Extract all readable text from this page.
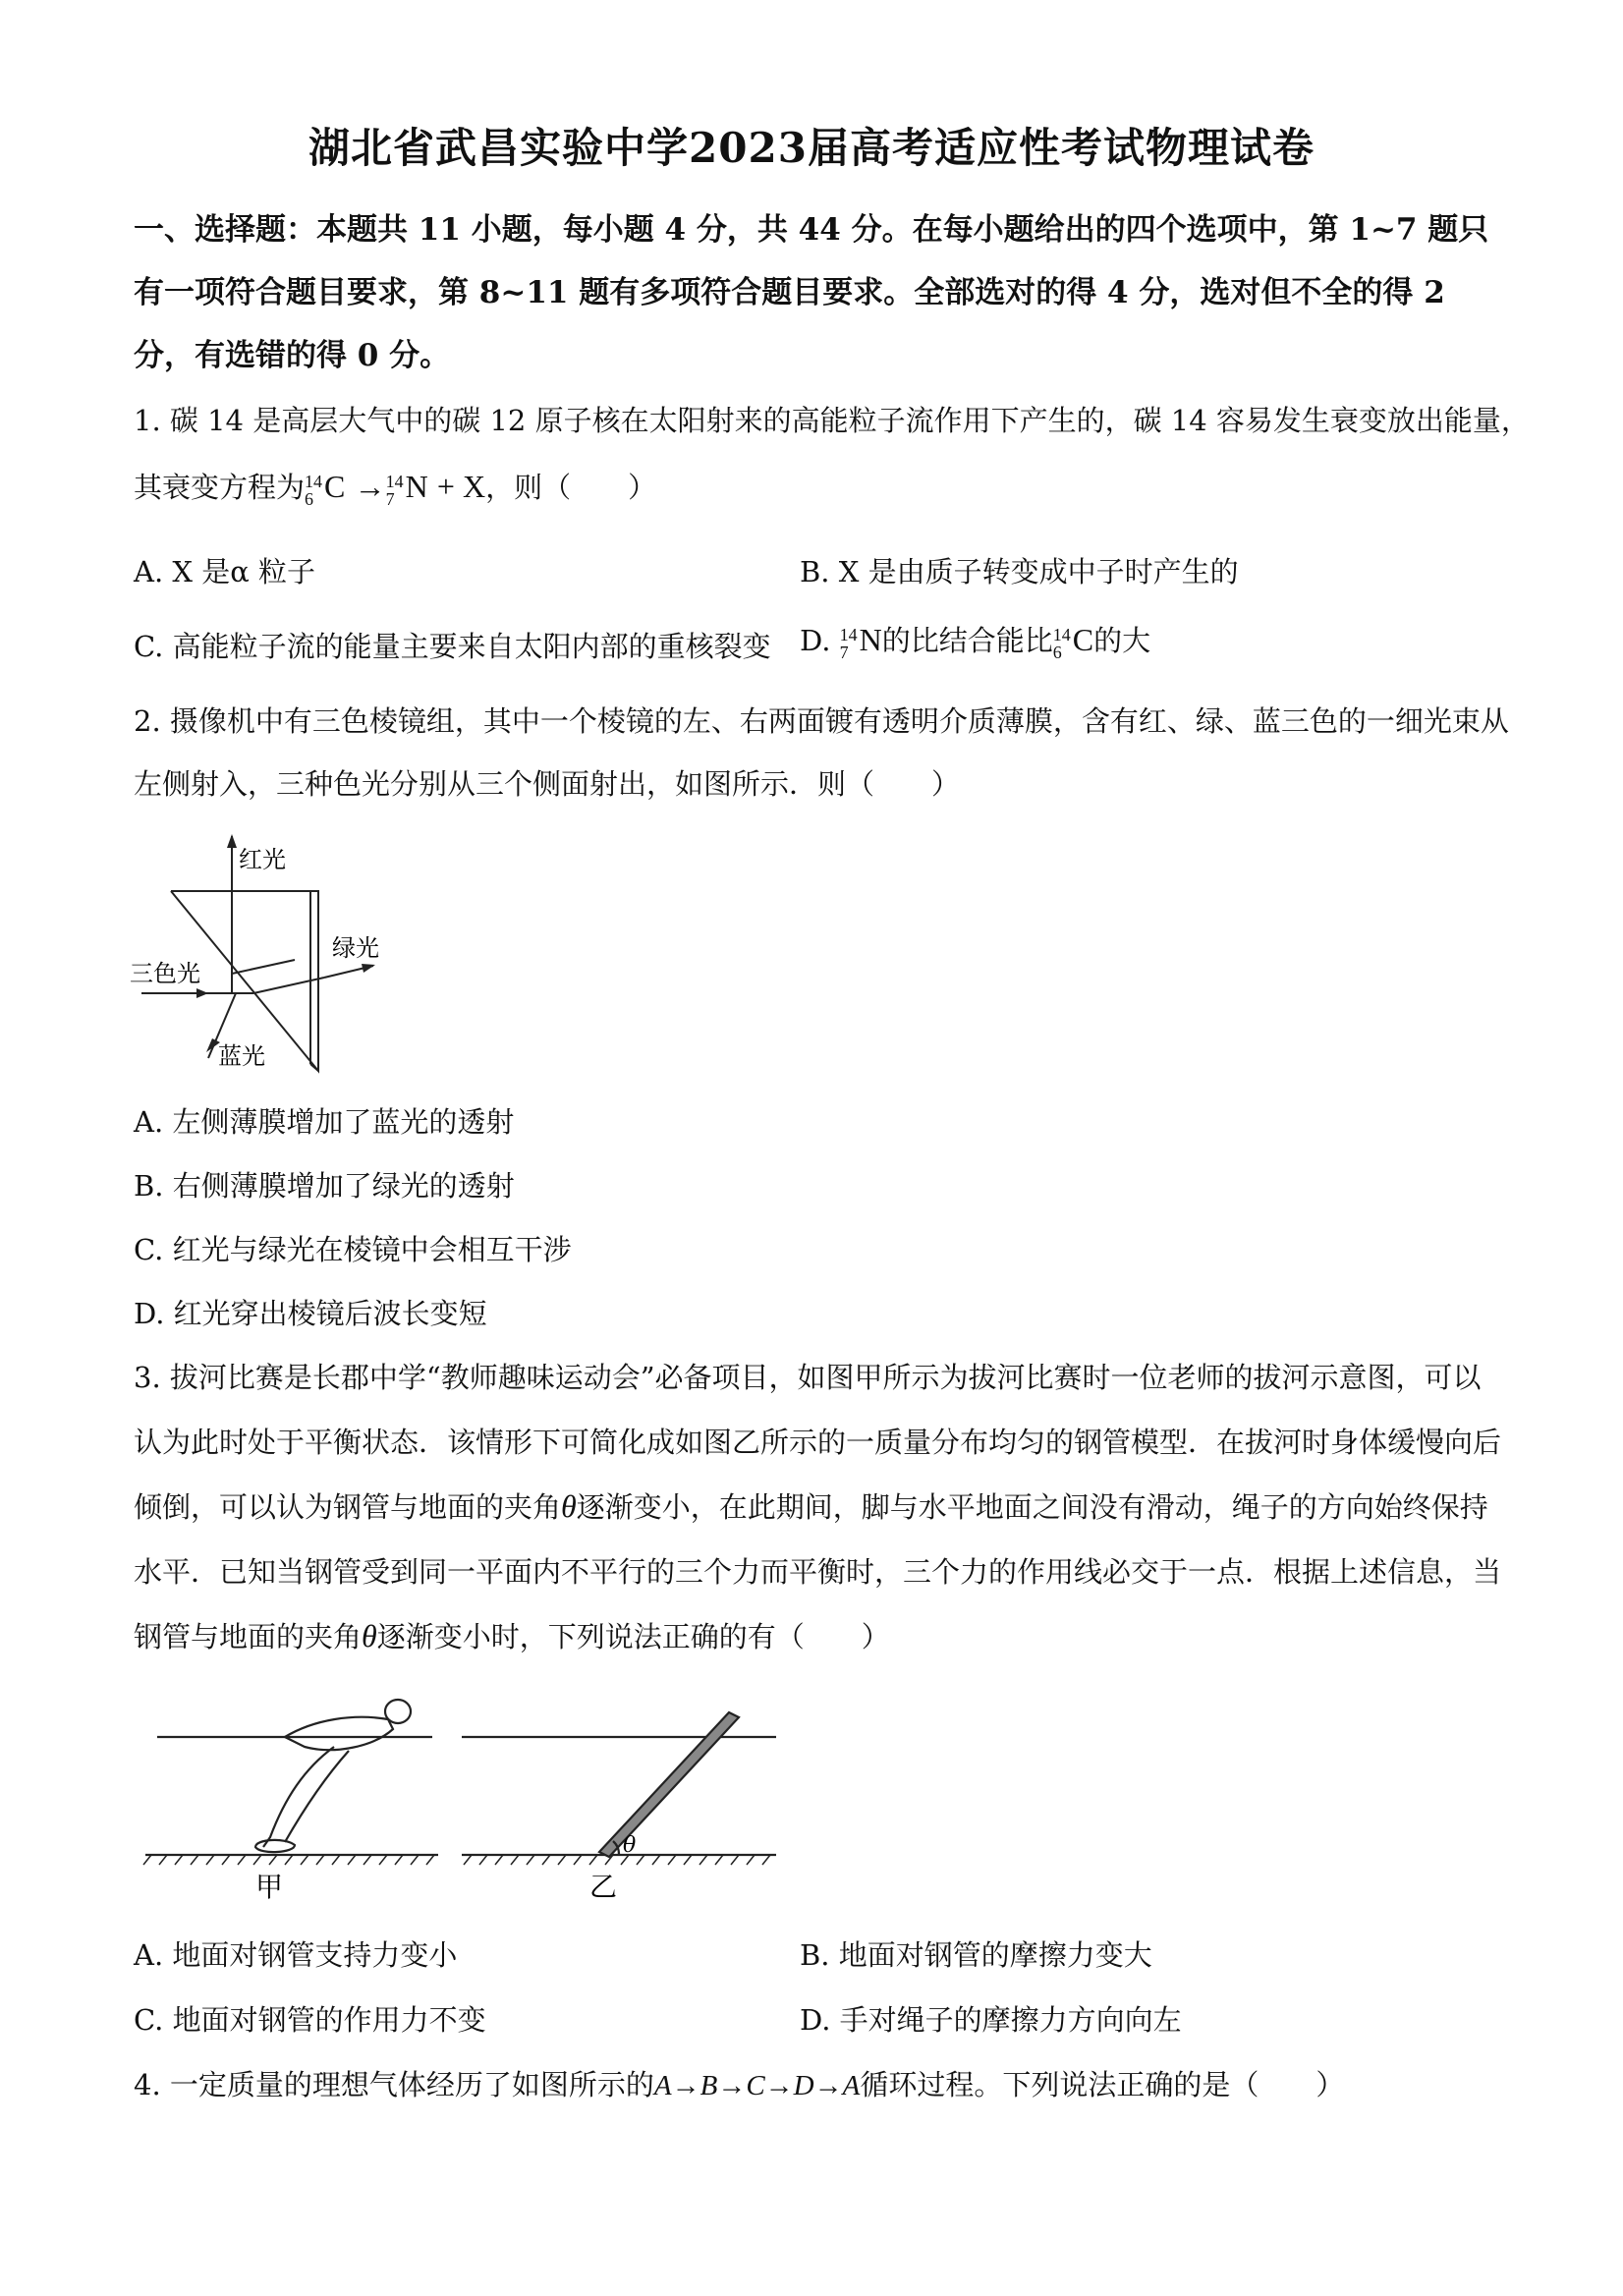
湖北省武昌实验中学2023届高考适应性考试物理试卷
一、选择题：本题共 11 小题，每小题 4 分，共 44 分。在每小题给出的四个选项中，第 1~7 题只
有一项符合题目要求，第 8~11 题有多项符合题目要求。全部选对的得 4 分，选对但不全的得 2
分，有选错的得 0 分。
1. 碳 14 是高层大气中的碳 12 原子核在太阳射来的高能粒子流作用下产生的，碳 14 容易发生衰变放出能量，
其衰变方程为 14
6 C → 14
7 N + X，则（　　）
A. X 是α 粒子	B. X 是由质子转变成中子时产生的
C. 高能粒子流的能量主要来自太阳内部的重核裂变 D. 14
7 N的比结合能比 14
6 C的大
2. 摄像机中有三色棱镜组，其中一个棱镜的左、右两面镀有透明介质薄膜，含有红、绿、蓝三色的一细光束从
左侧射入，三种色光分别从三个侧面射出，如图所示．则（　　）
红光
绿光
三色光
蓝光
A. 左侧薄膜增加了蓝光的透射
B. 右侧薄膜增加了绿光的透射
C. 红光与绿光在棱镜中会相互干涉
D. 红光穿出棱镜后波长变短
3. 拔河比赛是长郡中学“教师趣味运动会”必备项目，如图甲所示为拔河比赛时一位老师的拔河示意图，可以
认为此时处于平衡状态．该情形下可简化成如图乙所示的一质量分布均匀的钢管模型．在拔河时身体缓慢向后
倾倒，可以认为钢管与地面的夹角θ逐渐变小，在此期间，脚与水平地面之间没有滑动，绳子的方向始终保持
水平．已知当钢管受到同一平面内不平行的三个力而平衡时，三个力的作用线必交于一点．根据上述信息，当
钢管与地面的夹角θ逐渐变小时，下列说法正确的有（　　）
θ
甲	乙
A. 地面对钢管支持力变小	B. 地面对钢管的摩擦力变大
C. 地面对钢管的作用力不变	D. 手对绳子的摩擦力方向向左
4. 一定质量的理想气体经历了如图所示的A→B→C→D→A循环过程。下列说法正确的是（　　）
